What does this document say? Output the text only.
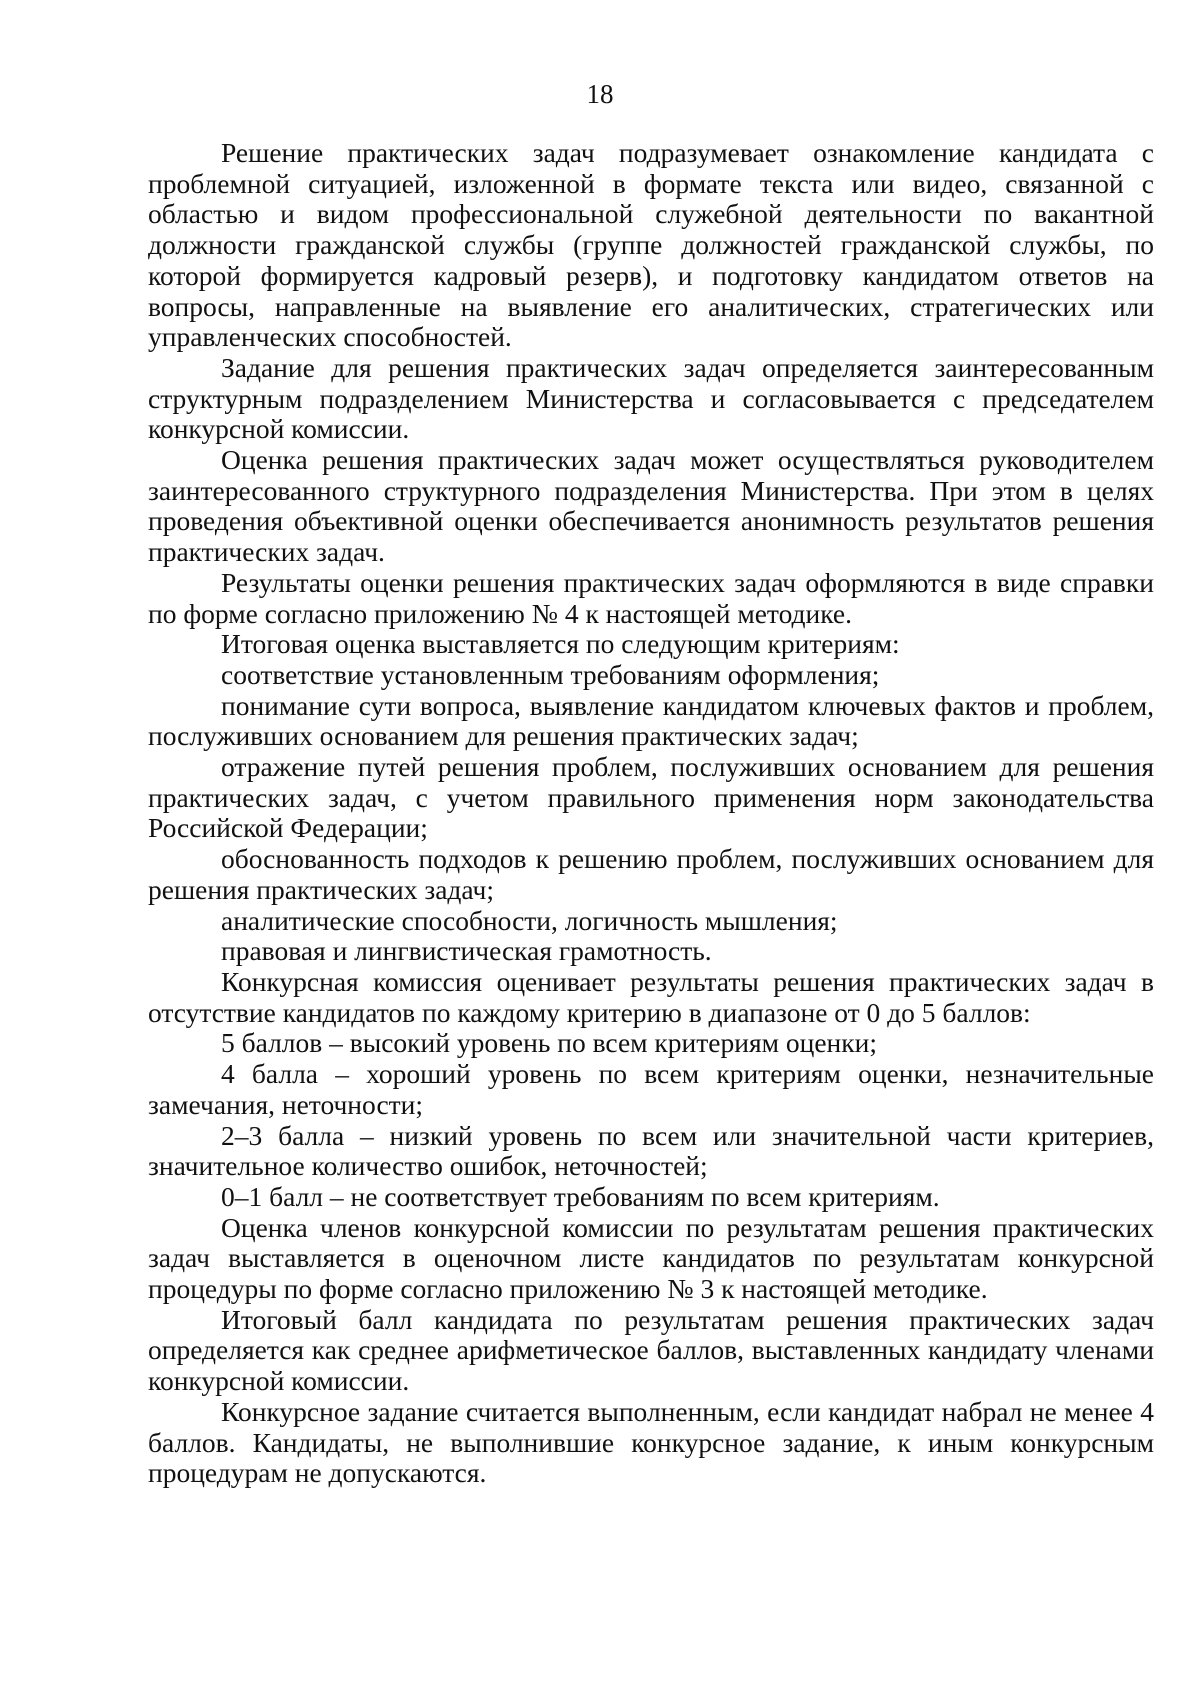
18

Решение практических задач подразумевает ознакомление кандидата с проблемной ситуацией, изложенной в формате текста или видео, связанной с областью и видом профессиональной служебной деятельности по вакантной должности гражданской службы (группе должностей гражданской службы, по которой формируется кадровый резерв), и подготовку кандидатом ответов на вопросы, направленные на выявление его аналитических, стратегических или управленческих способностей.

Задание для решения практических задач определяется заинтересованным структурным подразделением Министерства и согласовывается с председателем конкурсной комиссии.

Оценка решения практических задач может осуществляться руководителем заинтересованного структурного подразделения Министерства. При этом в целях проведения объективной оценки обеспечивается анонимность результатов решения практических задач.

Результаты оценки решения практических задач оформляются в виде справки по форме согласно приложению № 4 к настоящей методике.

Итоговая оценка выставляется по следующим критериям:

соответствие установленным требованиям оформления;

понимание сути вопроса, выявление кандидатом ключевых фактов и проблем, послуживших основанием для решения практических задач;

отражение путей решения проблем, послуживших основанием для решения практических задач, с учетом правильного применения норм законодательства Российской Федерации;

обоснованность подходов к решению проблем, послуживших основанием для решения практических задач;

аналитические способности, логичность мышления;

правовая и лингвистическая грамотность.

Конкурсная комиссия оценивает результаты решения практических задач в отсутствие кандидатов по каждому критерию в диапазоне от 0 до 5 баллов:

5 баллов – высокий уровень по всем критериям оценки;

4 балла – хороший уровень по всем критериям оценки, незначительные замечания, неточности;

2–3 балла – низкий уровень по всем или значительной части критериев, значительное количество ошибок, неточностей;

0–1 балл – не соответствует требованиям по всем критериям.

Оценка членов конкурсной комиссии по результатам решения практических задач выставляется в оценочном листе кандидатов по результатам конкурсной процедуры по форме согласно приложению № 3 к настоящей методике.

Итоговый балл кандидата по результатам решения практических задач определяется как среднее арифметическое баллов, выставленных кандидату членами конкурсной комиссии.

Конкурсное задание считается выполненным, если кандидат набрал не менее 4 баллов. Кандидаты, не выполнившие конкурсное задание, к иным конкурсным процедурам не допускаются.
